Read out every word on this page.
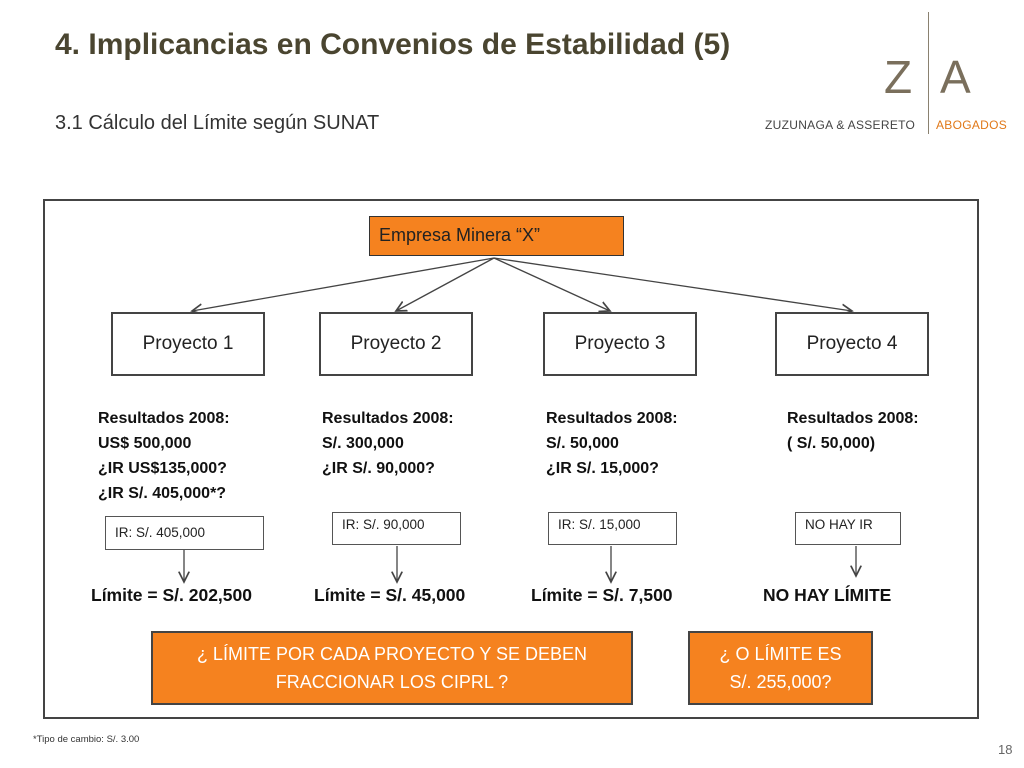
4. Implicancias en Convenios de Estabilidad (5)
3.1 Cálculo del Límite según SUNAT
Z A
ZUZUNAGA & ASSERETO ABOGADOS
Empresa Minera “X”
Proyecto 1	Proyecto 2	Proyecto 3	Proyecto 4
Resultados 2008:
US$ 500,000
¿IR US$135,000?
¿IR S/. 405,000*?
Resultados 2008:
S/. 300,000
¿IR S/. 90,000?
Resultados 2008:
S/. 50,000
¿IR S/. 15,000?
Resultados 2008:
( S/. 50,000)
IR: S/. 405,000
IR: S/. 90,000	IR: S/. 15,000	NO HAY IR
Límite = S/. 202,500	Límite = S/. 45,000	Límite = S/. 7,500	NO HAY LÍMITE
¿ LÍMITE POR CADA PROYECTO Y SE DEBEN
FRACCIONAR LOS CIPRL ?
¿ O LÍMITE ES
S/. 255,000?
*Tipo de cambio: S/. 3.00
18
